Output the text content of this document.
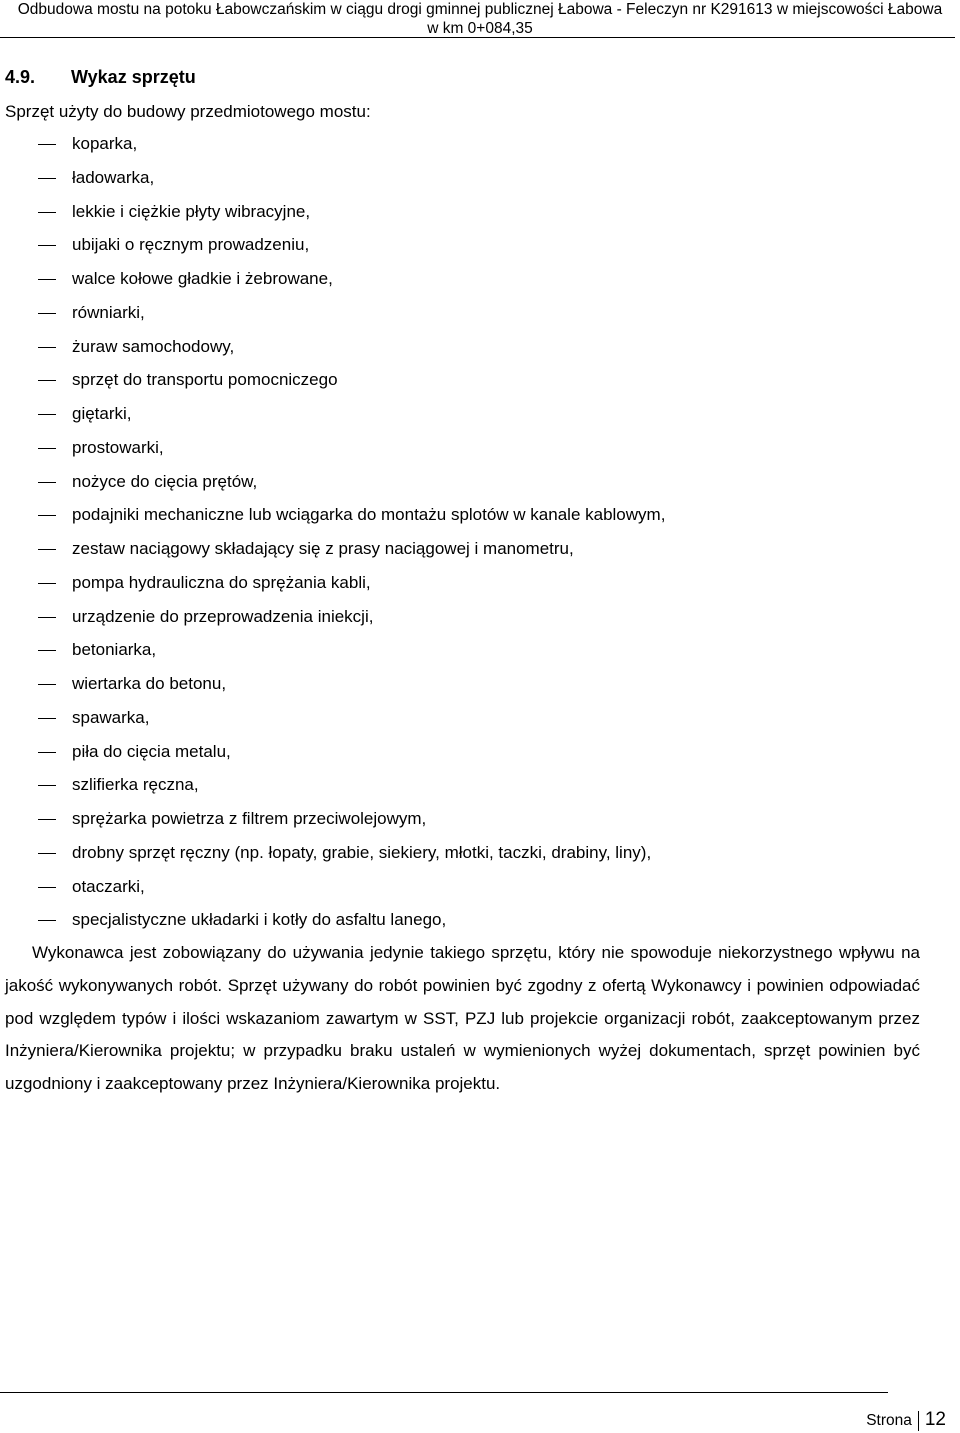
Odbudowa mostu na potoku Łabowczańskim w ciągu drogi gminnej publicznej Łabowa - Feleczyn nr K291613 w miejscowości Łabowa
w km 0+084,35
4.9. Wykaz sprzętu
Sprzęt użyty do budowy przedmiotowego mostu:
koparka,
ładowarka,
lekkie i ciężkie płyty wibracyjne,
ubijaki o ręcznym prowadzeniu,
walce kołowe gładkie i żebrowane,
równiarki,
żuraw samochodowy,
sprzęt do transportu pomocniczego
giętarki,
prostowarki,
nożyce do cięcia prętów,
podajniki mechaniczne lub wciągarka do montażu splotów w kanale kablowym,
zestaw naciągowy składający się z prasy naciągowej i manometru,
pompa hydrauliczna do sprężania kabli,
urządzenie do przeprowadzenia iniekcji,
betoniarka,
wiertarka do betonu,
spawarka,
piła do cięcia metalu,
szlifierka ręczna,
sprężarka powietrza z filtrem przeciwolejowym,
drobny sprzęt ręczny (np. łopaty, grabie, siekiery, młotki, taczki, drabiny, liny),
otaczarki,
specjalistyczne układarki i kotły do asfaltu lanego,

Wykonawca jest zobowiązany do używania jedynie takiego sprzętu, który nie spowoduje niekorzystnego wpływu na jakość wykonywanych robót. Sprzęt używany do robót powinien być zgodny z ofertą Wykonawcy i powinien odpowiadać pod względem typów i ilości wskazaniom zawartym w SST, PZJ lub projekcie organizacji robót, zaakceptowanym przez Inżyniera/Kierownika projektu; w przypadku braku ustaleń w wymienionych wyżej dokumentach, sprzęt powinien być uzgodniony i zaakceptowany przez Inżyniera/Kierownika projektu.

Strona 12
